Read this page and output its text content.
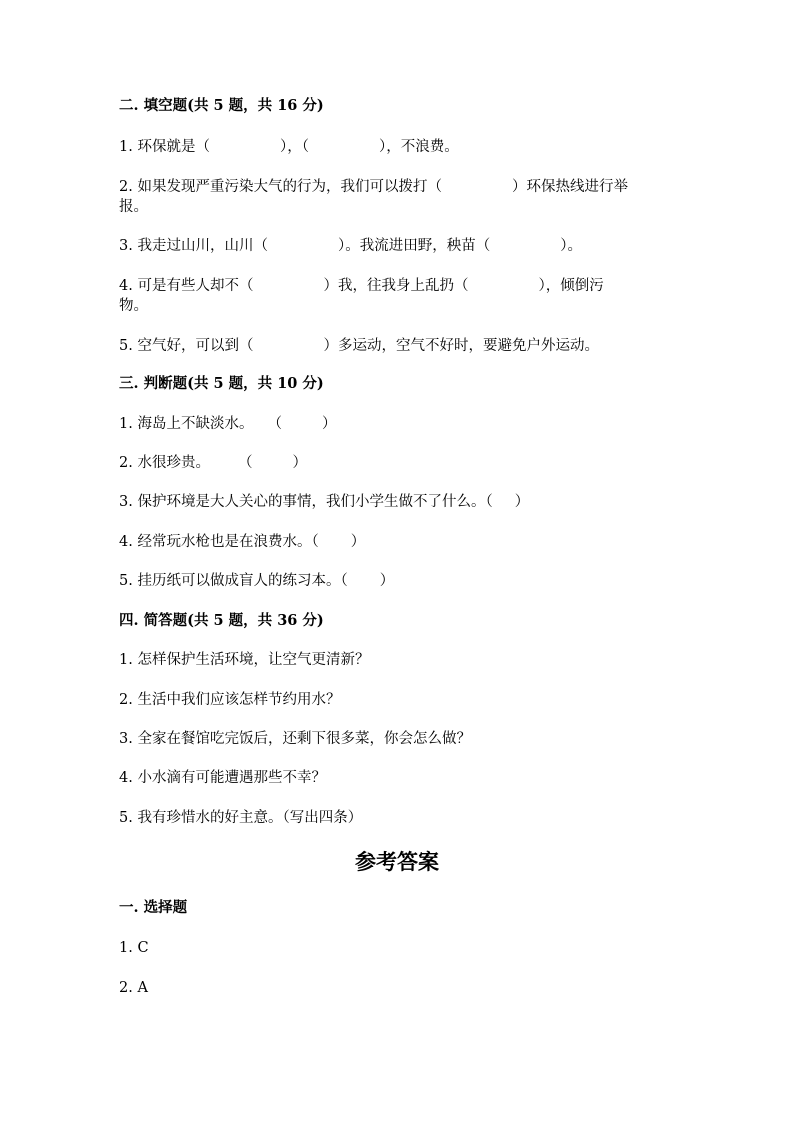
二. 填空题(共 5 题，共 16 分)
1. 环保就是（	），（	），不浪费。
2. 如果发现严重污染大气的行为，我们可以拨打（	）环保热线进行举
报。
3. 我走过山川，山川（	）。我流进田野，秧苗（	）。
4. 可是有些人却不（	）我，往我身上乱扔（	），倾倒污
物。
5. 空气好，可以到（	）多运动，空气不好时，要避免户外运动。
三. 判断题(共 5 题，共 10 分)
1. 海岛上不缺淡水。 （	）
2. 水很珍贵。 （	）
3. 保护环境是大人关心的事情，我们小学生做不了什么。（ ）
4. 经常玩水枪也是在浪费水。（ ）
5. 挂历纸可以做成盲人的练习本。（ ）
四. 简答题(共 5 题，共 36 分)
1. 怎样保护生活环境，让空气更清新？
2. 生活中我们应该怎样节约用水？
3. 全家在餐馆吃完饭后，还剩下很多菜，你会怎么做？
4. 小水滴有可能遭遇那些不幸？
5. 我有珍惜水的好主意。（写出四条）
参考答案
一. 选择题
1. C
2. A
